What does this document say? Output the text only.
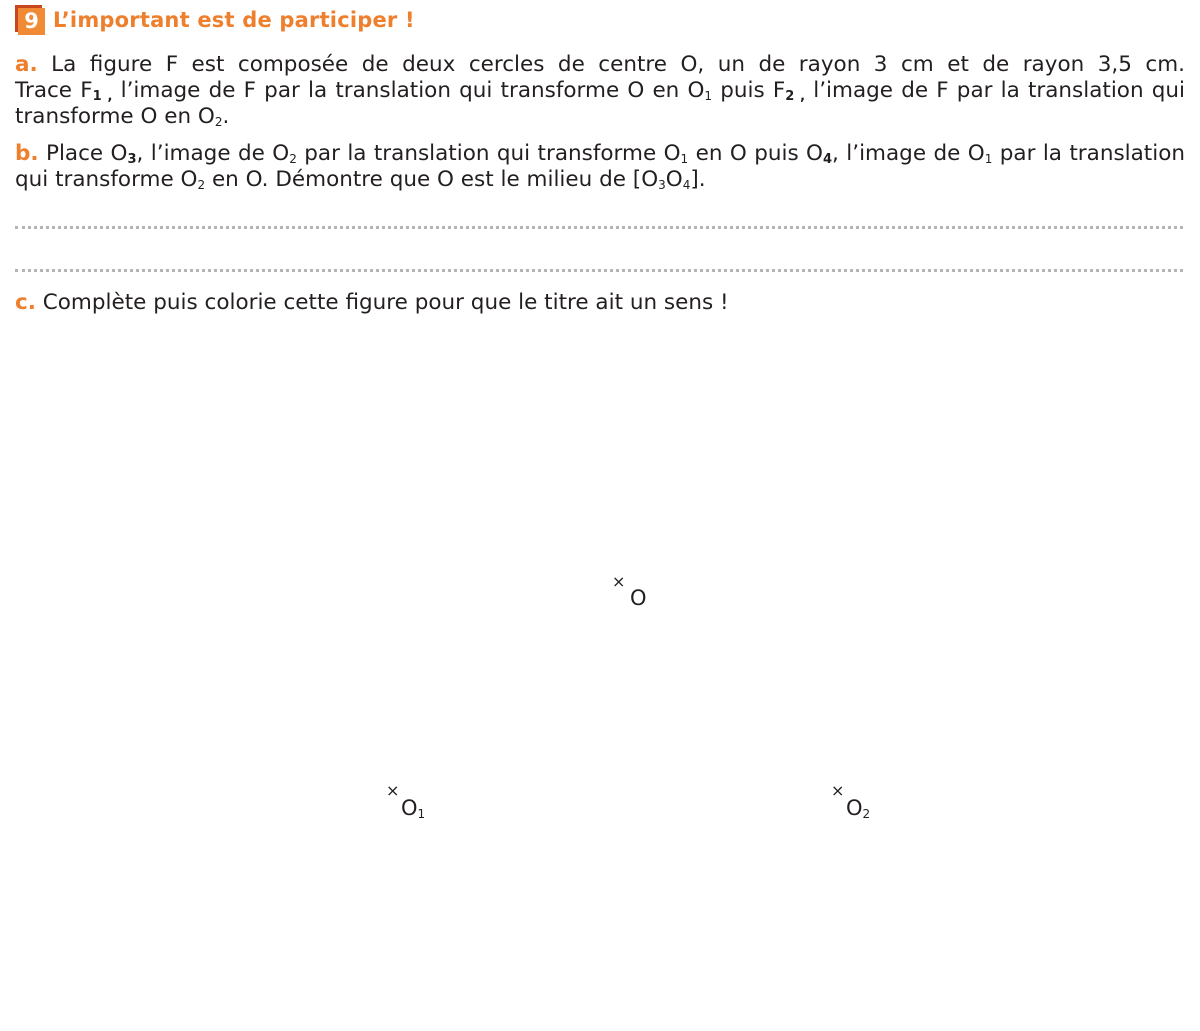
9 L’important est de participer !
a. La figure F est composée de deux cercles de centre O, un de rayon 3 cm et de rayon 3,5 cm.
Trace $F_{1 ,}$ l’image de F par la translation qui transforme O en $O_1$ puis $F_{2 ,}$ l’image de F par la translation qui
transforme O en $O_2$.
b. Place $O_3$, l’image de $O_2$ par la translation qui transforme $O_1$ en O puis $O_4$, l’image de $O_1$ par la translation
qui transforme $O_2$ en O. Démontre que O est le milieu de $[O_3O_4]$.
c. Complète puis colorie cette figure pour que le titre ait un sens !
×
O
×
$O_1$
×
$O_2$
